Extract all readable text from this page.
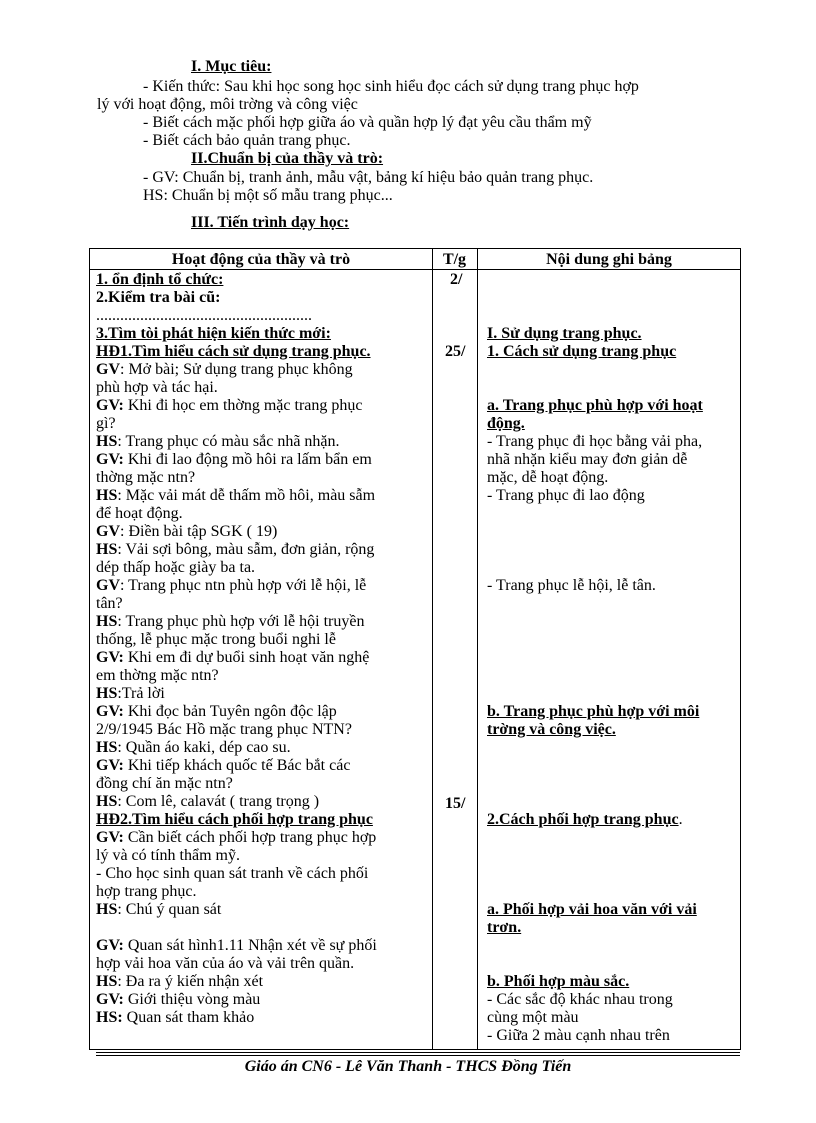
I. Mục tiêu:
- Kiến thức: Sau khi học song học sinh hiểu đọc cách sử dụng trang phục hợp
lý với hoạt động, môi trờng và công việc
- Biết cách mặc phối hợp giữa áo và quần hợp lý đạt yêu cầu thẩm mỹ
- Biết cách bảo quản trang phục.
II.Chuẩn bị của thầy và trò:
- GV: Chuẩn bị, tranh ảnh, mẫu vật, bảng kí hiệu bảo quản trang phục.
HS: Chuẩn bị một số mẫu trang phục...
III. Tiến trình dạy học:
Hoạt động của thầy và trò	T/g	Nội dung ghi bảng
2/
25/
15/
1. ổn định tổ chức:
2.Kiểm tra bài cũ:
......................................................
3.Tìm tòi phát hiện kiến thức mới:
HĐ1.Tìm hiểu cách sử dụng trang phục.
GV: Mở bài; Sử dụng trang phục không
phù hợp và tác hại.
GV: Khi đi học em thờng mặc trang phục
gì?
HS: Trang phục có màu sắc nhã nhặn.
GV: Khi đi lao động mồ hôi ra lấm bẩn em
thờng mặc ntn?
HS: Mặc vải mát dễ thấm mồ hôi, màu sẫm
để hoạt động.
GV: Điền bài tập SGK ( 19)
HS: Vải sợi bông, màu sẫm, đơn giản, rộng
dép thấp hoặc giày ba ta.
GV: Trang phục ntn phù hợp với lễ hội, lễ
tân?
HS: Trang phục phù hợp với lễ hội truyền
thống, lễ phục mặc trong buổi nghi lễ
GV: Khi em đi dự buổi sinh hoạt văn nghệ
em thờng mặc ntn?
HS:Trả lời
GV: Khi đọc bản Tuyên ngôn độc lập
2/9/1945 Bác Hồ mặc trang phục NTN?
HS: Quần áo kaki, dép cao su.
GV: Khi tiếp khách quốc tế Bác bắt các
đồng chí ăn mặc ntn?
HS: Com lê, calavát ( trang trọng )
HĐ2.Tìm hiểu cách phối hợp trang phục
GV: Cần biết cách phối hợp trang phục hợp
lý và có tính thẩm mỹ.
- Cho học sinh quan sát tranh về cách phối
hợp trang phục.
HS: Chú ý quan sát
GV: Quan sát hình1.11 Nhận xét về sự phối
hợp vải hoa văn của áo và vải trên quần.
HS: Đa ra ý kiến nhận xét
GV: Giới thiệu vòng màu
HS: Quan sát tham khảo
I. Sử dụng trang phục.
1. Cách sử dụng trang phục
a. Trang phục phù hợp với hoạt
động.
- Trang phục đi học bằng vải pha,
nhã nhặn kiểu may đơn giản dễ
mặc, dễ hoạt động.
- Trang phục đi lao động
- Trang phục lễ hội, lễ tân.
b. Trang phục phù hợp với môi
trờng và công việc.
2.Cách phối hợp trang phục.
a. Phối hợp vải hoa văn với vải
trơn.
b. Phối hợp màu sắc.
- Các sắc độ khác nhau trong
cùng một màu
- Giữa 2 màu cạnh nhau trên
Giáo án CN6 - Lê Văn Thanh - THCS Đồng Tiến
